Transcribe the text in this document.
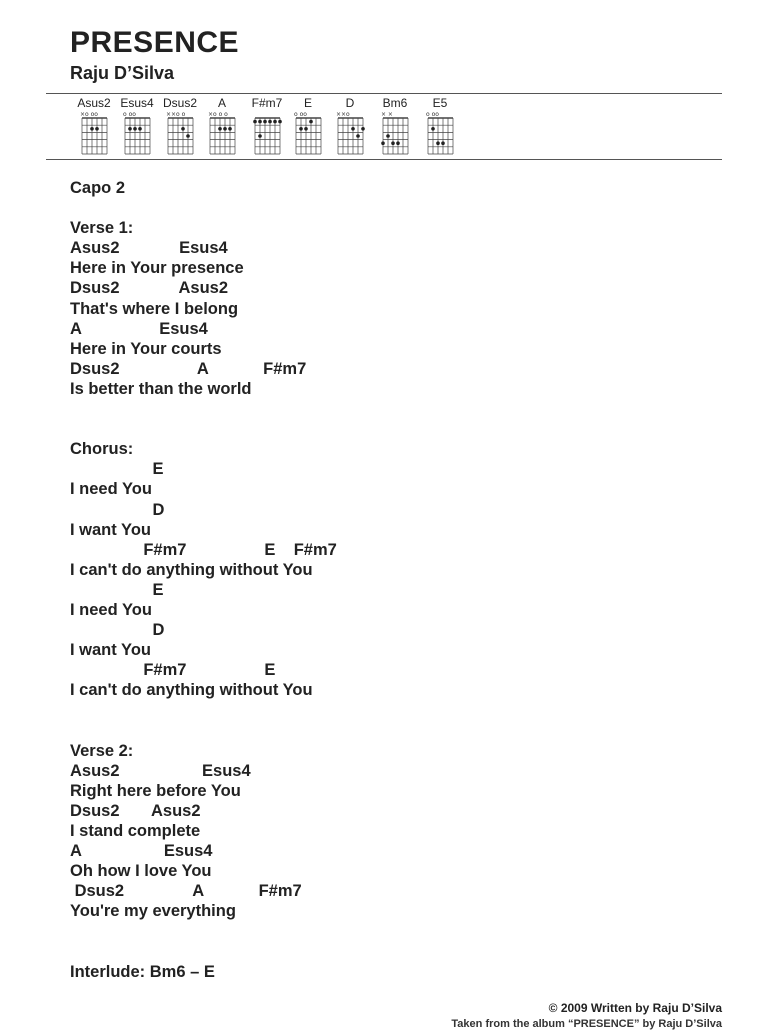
PRESENCE
Raju D’Silva
Asus2
×o oo
Esus4
o oo
Dsus2
××o o
A
×o o o
F#m7	E
o oo
D
××o
Bm6
× ×
E5
o oo
Capo 2
Verse 1:
Asus2             Esus4
Here in Your presence
Dsus2             Asus2
That's where I belong
A                 Esus4
Here in Your courts
Dsus2                 A            F#m7
Is better than the world
Chorus:
E
I need You
D
I want You
F#m7                 E    F#m7
I can't do anything without You
E
I need You
D
I want You
F#m7                 E
I can't do anything without You
Verse 2:
Asus2                  Esus4
Right here before You
Dsus2       Asus2
I stand complete
A                  Esus4
Oh how I love You
Dsus2               A            F#m7
You're my everything
Interlude: Bm6 – E
© 2009 Written by Raju D’Silva
Taken from the album “PRESENCE” by Raju D’Silva
